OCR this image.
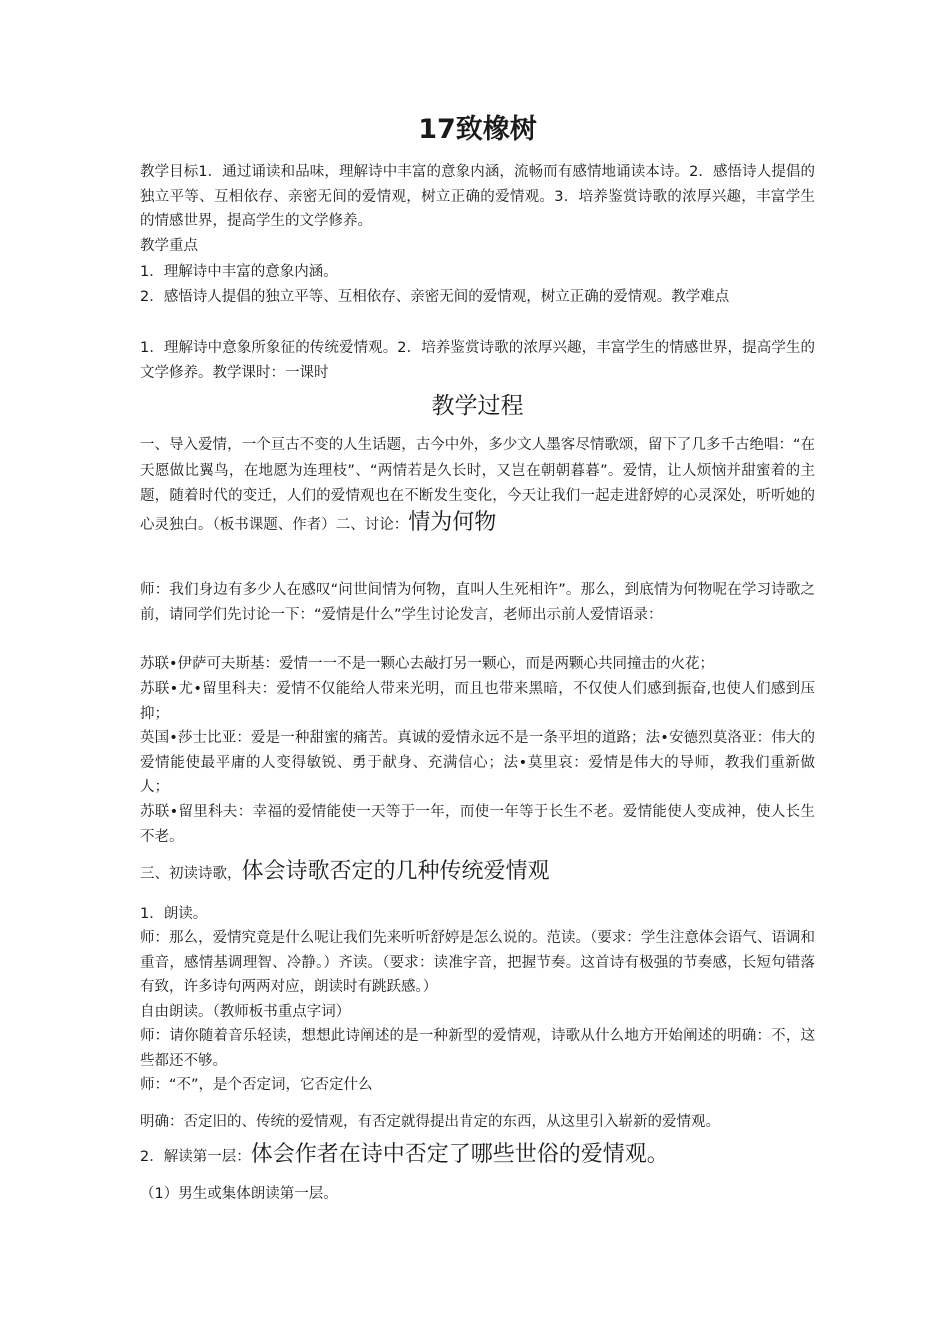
17致橡树

教学目标1．通过诵读和品味，理解诗中丰富的意象内涵，流畅而有感情地诵读本诗。2．感悟诗人提倡的独立平等、互相依存、亲密无间的爱情观，树立正确的爱情观。3．培养鉴赏诗歌的浓厚兴趣，丰富学生的情感世界，提高学生的文学修养。

教学重点

1．理解诗中丰富的意象内涵。

2．感悟诗人提倡的独立平等、互相依存、亲密无间的爱情观，树立正确的爱情观。教学难点

1．理解诗中意象所象征的传统爱情观。2．培养鉴赏诗歌的浓厚兴趣，丰富学生的情感世界，提高学生的文学修养。教学课时：一课时

教学过程

一、导入爱情，一个亘古不变的人生话题，古今中外，多少文人墨客尽情歌颂，留下了几多千古绝唱：“在天愿做比翼鸟，在地愿为连理枝”、“两情若是久长时，又岂在朝朝暮暮”。爱情，让人烦恼并甜蜜着的主题，随着时代的变迁，人们的爱情观也在不断发生变化，今天让我们一起走进舒婷的心灵深处，听听她的心灵独白。（板书课题、作者）二、讨论：情为何物

师：我们身边有多少人在感叹“问世间情为何物，直叫人生死相许”。那么，到底情为何物呢在学习诗歌之前，请同学们先讨论一下：“爱情是什么”学生讨论发言，老师出示前人爱情语录：

苏联•伊萨可夫斯基：爱情一一不是一颗心去敲打另一颗心，而是两颗心共同撞击的火花；

苏联•尤•留里科夫：爱情不仅能给人带来光明，而且也带来黑暗，不仅使人们感到振奋,也使人们感到压抑；

英国•莎士比亚：爱是一种甜蜜的痛苦。真诚的爱情永远不是一条平坦的道路；法•安德烈莫洛亚：伟大的爱情能使最平庸的人变得敏锐、勇于献身、充满信心；法•莫里哀：爱情是伟大的导师，教我们重新做人；

苏联•留里科夫：幸福的爱情能使一天等于一年，而使一年等于长生不老。爱情能使人变成神，使人长生不老。

三、初读诗歌，体会诗歌否定的几种传统爱情观

1．朗读。

师：那么，爱情究竟是什么呢让我们先来听听舒婷是怎么说的。范读。（要求：学生注意体会语气、语调和重音，感情基调理智、冷静。）齐读。（要求：读准字音，把握节奏。这首诗有极强的节奏感，长短句错落有致，许多诗句两两对应，朗读时有跳跃感。）

自由朗读。（教师板书重点字词）

师：请你随着音乐轻读，想想此诗阐述的是一种新型的爱情观，诗歌从什么地方开始阐述的明确：不，这些都还不够。

师：“不”，是个否定词，它否定什么

明确：否定旧的、传统的爱情观，有否定就得提出肯定的东西，从这里引入崭新的爱情观。

2．解读第一层：体会作者在诗中否定了哪些世俗的爱情观。

（1）男生或集体朗读第一层。
